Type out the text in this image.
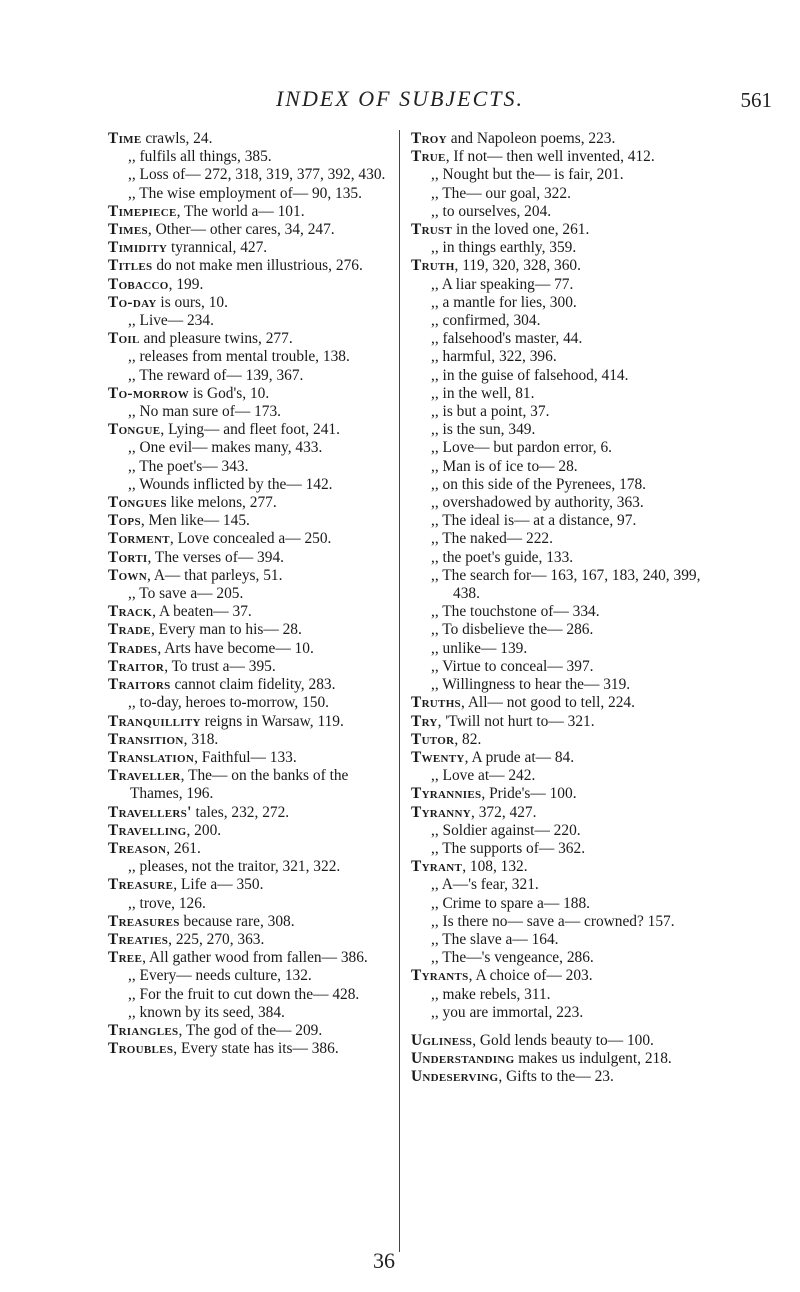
INDEX OF SUBJECTS.	561
Time crawls, 24.
,, fulfils all things, 385.
,, Loss of— 272, 318, 319, 377, 392, 430.
,, The wise employment of— 90, 135.
Timepiece, The world a— 101.
Times, Other— other cares, 34, 247.
Timidity tyrannical, 427.
Titles do not make men illustrious, 276.
Tobacco, 199.
To-day is ours, 10.
,, Live— 234.
Toil and pleasure twins, 277.
,, releases from mental trouble, 138.
,, The reward of— 139, 367.
To-morrow is God's, 10.
,, No man sure of— 173.
Tongue, Lying— and fleet foot, 241.
,, One evil— makes many, 433.
,, The poet's— 343.
,, Wounds inflicted by the— 142.
Tongues like melons, 277.
Tops, Men like— 145.
Torment, Love concealed a— 250.
Torti, The verses of— 394.
Town, A— that parleys, 51.
,, To save a— 205.
Track, A beaten— 37.
Trade, Every man to his— 28.
Trades, Arts have become— 10.
Traitor, To trust a— 395.
Traitors cannot claim fidelity, 283.
,, to-day, heroes to-morrow, 150.
Tranquillity reigns in Warsaw, 119.
Transition, 318.
Translation, Faithful— 133.
Traveller, The— on the banks of the Thames, 196.
Travellers' tales, 232, 272.
Travelling, 200.
Treason, 261.
,, pleases, not the traitor, 321, 322.
Treasure, Life a— 350.
,, trove, 126.
Treasures because rare, 308.
Treaties, 225, 270, 363.
Tree, All gather wood from fallen— 386.
,, Every— needs culture, 132.
,, For the fruit to cut down the— 428.
,, known by its seed, 384.
Triangles, The god of the— 209.
Troubles, Every state has its— 386.
Troy and Napoleon poems, 223.
True, If not— then well invented, 412.
,, Nought but the— is fair, 201.
,, The— our goal, 322.
,, to ourselves, 204.
Trust in the loved one, 261.
,, in things earthly, 359.
Truth, 119, 320, 328, 360.
,, A liar speaking— 77.
,, a mantle for lies, 300.
,, confirmed, 304.
,, falsehood's master, 44.
,, harmful, 322, 396.
,, in the guise of falsehood, 414.
,, in the well, 81.
,, is but a point, 37.
,, is the sun, 349.
,, Love— but pardon error, 6.
,, Man is of ice to— 28.
,, on this side of the Pyrenees, 178.
,, overshadowed by authority, 363.
,, The ideal is— at a distance, 97.
,, The naked— 222.
,, the poet's guide, 133.
,, The search for— 163, 167, 183, 240, 399, 438.
,, The touchstone of— 334.
,, To disbelieve the— 286.
,, unlike— 139.
,, Virtue to conceal— 397.
,, Willingness to hear the— 319.
Truths, All— not good to tell, 224.
Try, 'Twill not hurt to— 321.
Tutor, 82.
Twenty, A prude at— 84.
,, Love at— 242.
Tyrannies, Pride's— 100.
Tyranny, 372, 427.
,, Soldier against— 220.
,, The supports of— 362.
Tyrant, 108, 132.
,, A—'s fear, 321.
,, Crime to spare a— 188.
,, Is there no— save a— crowned? 157.
,, The slave a— 164.
,, The—'s vengeance, 286.
Tyrants, A choice of— 203.
,, make rebels, 311.
,, you are immortal, 223.
Ugliness, Gold lends beauty to— 100.
Understanding makes us indulgent, 218.
Undeserving, Gifts to the— 23.
36
